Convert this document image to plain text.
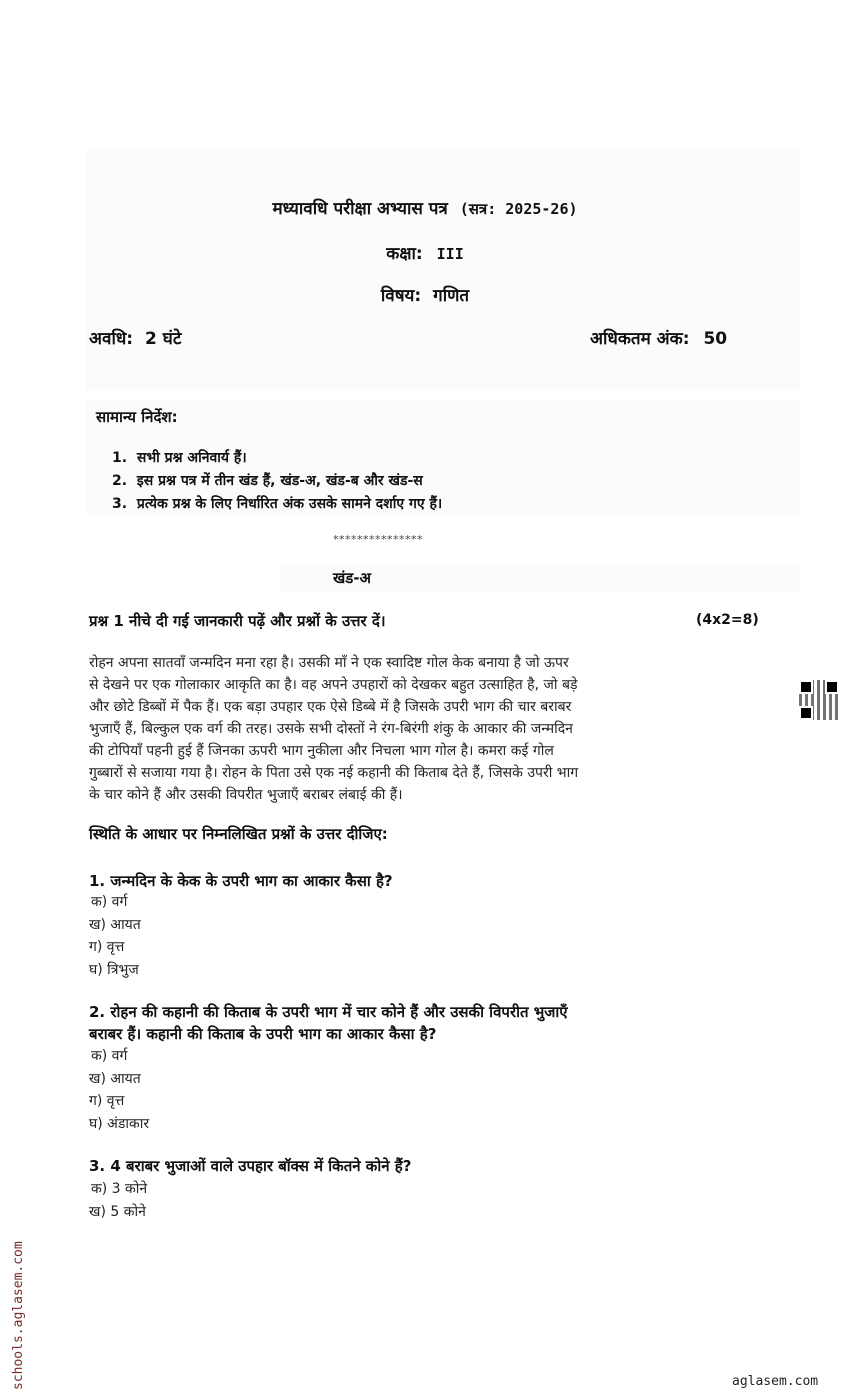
मध्यावधि परीक्षा अभ्यास पत्र (सत्र: 2025-26)
कक्षा: III
विषय: गणित
अवधि: 2 घंटे	अधिकतम अंक: 50
सामान्य निर्देश:
1. सभी प्रश्न अनिवार्य हैं।
2. इस प्रश्न पत्र में तीन खंड हैं, खंड-अ, खंड-ब और खंड-स
3. प्रत्येक प्रश्न के लिए निर्धारित अंक उसके सामने दर्शाए गए हैं।
***************
खंड-अ
प्रश्न 1 नीचे दी गई जानकारी पढ़ें और प्रश्नों के उत्तर दें।	(4x2=8)
रोहन अपना सातवाँ जन्मदिन मना रहा है। उसकी माँ ने एक स्वादिष्ट गोल केक बनाया है जो ऊपर
से देखने पर एक गोलाकार आकृति का है। वह अपने उपहारों को देखकर बहुत उत्साहित है, जो बड़े
और छोटे डिब्बों में पैक हैं। एक बड़ा उपहार एक ऐसे डिब्बे में है जिसके उपरी भाग की चार बराबर
भुजाएँ हैं, बिल्कुल एक वर्ग की तरह। उसके सभी दोस्तों ने रंग-बिरंगी शंकु के आकार की जन्मदिन
की टोपियाँ पहनी हुई हैं जिनका ऊपरी भाग नुकीला और निचला भाग गोल है। कमरा कई गोल
गुब्बारों से सजाया गया है। रोहन के पिता उसे एक नई कहानी की किताब देते हैं, जिसके उपरी भाग
के चार कोने हैं और उसकी विपरीत भुजाएँ बराबर लंबाई की हैं।
स्थिति के आधार पर निम्नलिखित प्रश्नों के उत्तर दीजिए:
1. जन्मदिन के केक के उपरी भाग का आकार कैसा है?
क) वर्ग
ख) आयत
ग) वृत्त
घ) त्रिभुज
2. रोहन की कहानी की किताब के उपरी भाग में चार कोने हैं और उसकी विपरीत भुजाएँ
बराबर हैं। कहानी की किताब के उपरी भाग का आकार कैसा है?
क) वर्ग
ख) आयत
ग) वृत्त
घ) अंडाकार
3. 4 बराबर भुजाओं वाले उपहार बॉक्स में कितने कोने हैं?
क) 3 कोने
ख) 5 कोने
schools.aglasem.com	aglasem.com
